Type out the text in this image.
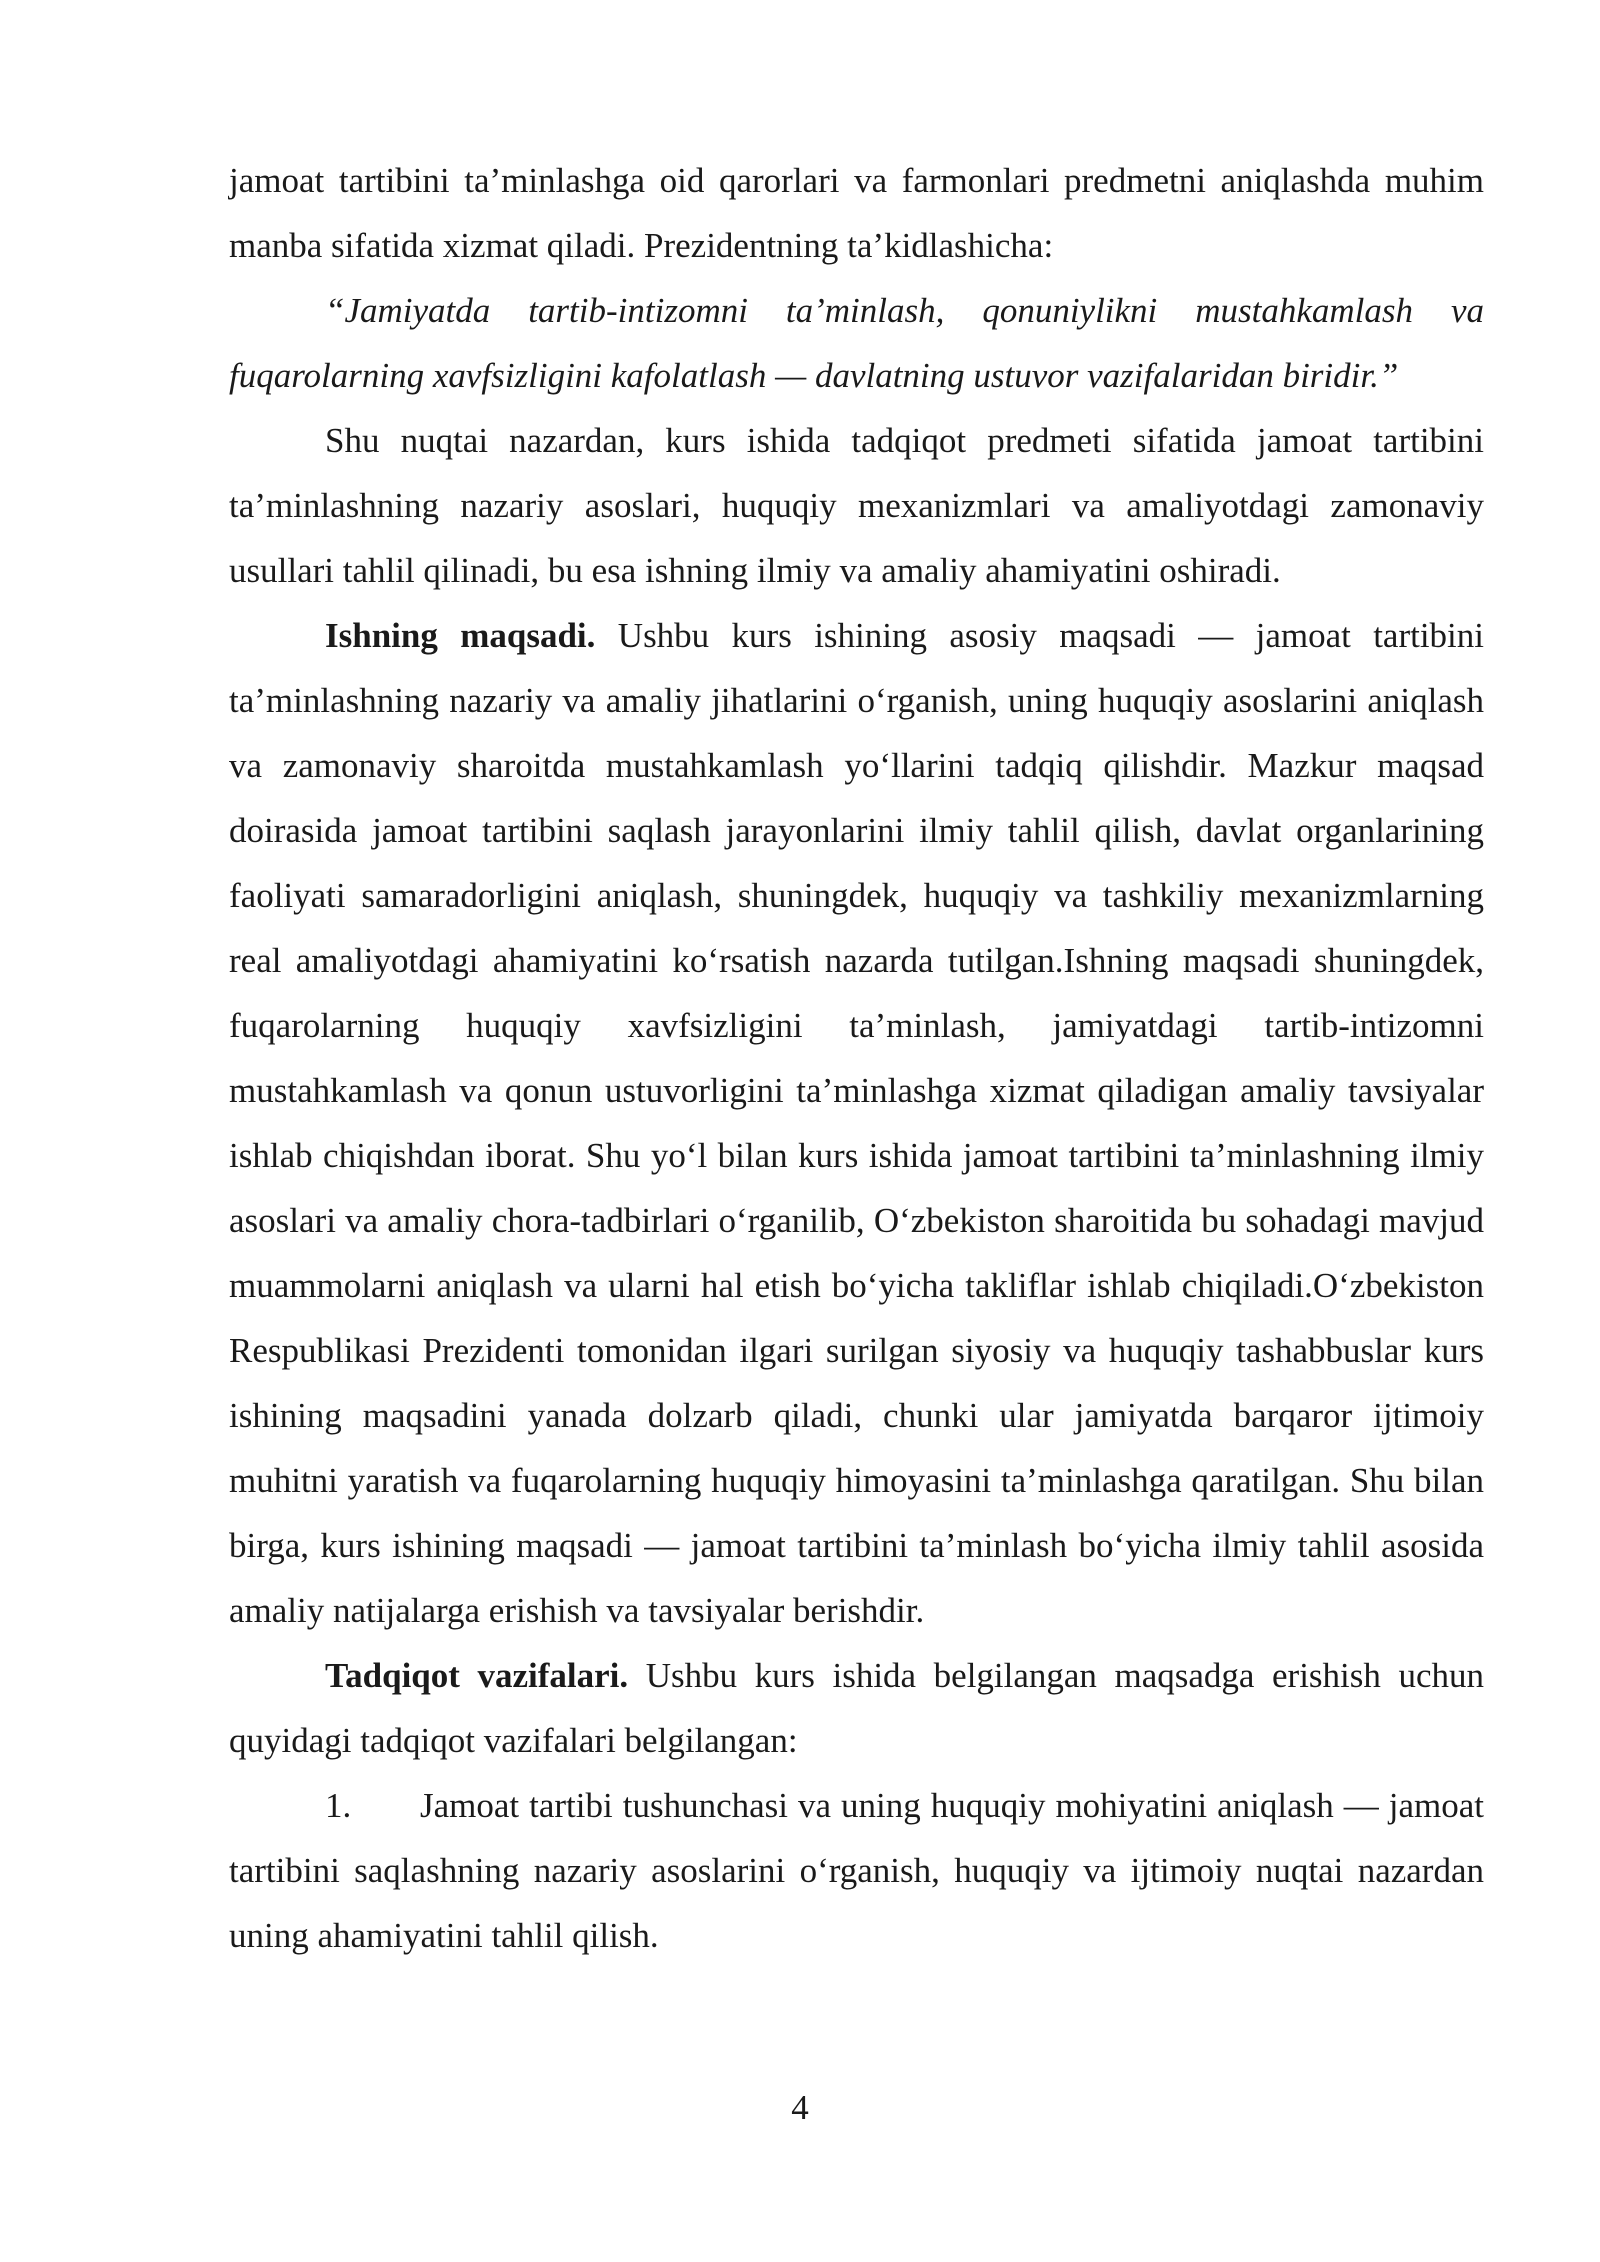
jamoat tartibini ta’minlashga oid qarorlari va farmonlari predmetni aniqlashda muhim manba sifatida xizmat qiladi. Prezidentning ta’kidlashicha:

“Jamiyatda tartib-intizomni ta’minlash, qonuniylikni mustahkamlash va fuqarolarning xavfsizligini kafolatlash — davlatning ustuvor vazifalaridan biridir.”

Shu nuqtai nazardan, kurs ishida tadqiqot predmeti sifatida jamoat tartibini ta’minlashning nazariy asoslari, huquqiy mexanizmlari va amaliyotdagi zamonaviy usullari tahlil qilinadi, bu esa ishning ilmiy va amaliy ahamiyatini oshiradi.

Ishning maqsadi. Ushbu kurs ishining asosiy maqsadi — jamoat tartibini ta’minlashning nazariy va amaliy jihatlarini o‘rganish, uning huquqiy asoslarini aniqlash va zamonaviy sharoitda mustahkamlash yo‘llarini tadqiq qilishdir. Mazkur maqsad doirasida jamoat tartibini saqlash jarayonlarini ilmiy tahlil qilish, davlat organlarining faoliyati samaradorligini aniqlash, shuningdek, huquqiy va tashkiliy mexanizmlarning real amaliyotdagi ahamiyatini ko‘rsatish nazarda tutilgan.Ishning maqsadi shuningdek, fuqarolarning huquqiy xavfsizligini ta’minlash, jamiyatdagi tartib-intizomni mustahkamlash va qonun ustuvorligini ta’minlashga xizmat qiladigan amaliy tavsiyalar ishlab chiqishdan iborat. Shu yo‘l bilan kurs ishida jamoat tartibini ta’minlashning ilmiy asoslari va amaliy chora-tadbirlari o‘rganilib, O‘zbekiston sharoitida bu sohadagi mavjud muammolarni aniqlash va ularni hal etish bo‘yicha takliflar ishlab chiqiladi.O‘zbekiston Respublikasi Prezidenti tomonidan ilgari surilgan siyosiy va huquqiy tashabbuslar kurs ishining maqsadini yanada dolzarb qiladi, chunki ular jamiyatda barqaror ijtimoiy muhitni yaratish va fuqarolarning huquqiy himoyasini ta’minlashga qaratilgan. Shu bilan birga, kurs ishining maqsadi — jamoat tartibini ta’minlash bo‘yicha ilmiy tahlil asosida amaliy natijalarga erishish va tavsiyalar berishdir.

Tadqiqot vazifalari. Ushbu kurs ishida belgilangan maqsadga erishish uchun quyidagi tadqiqot vazifalari belgilangan:

1. Jamoat tartibi tushunchasi va uning huquqiy mohiyatini aniqlash — jamoat tartibini saqlashning nazariy asoslarini o‘rganish, huquqiy va ijtimoiy nuqtai nazardan uning ahamiyatini tahlil qilish.

4
